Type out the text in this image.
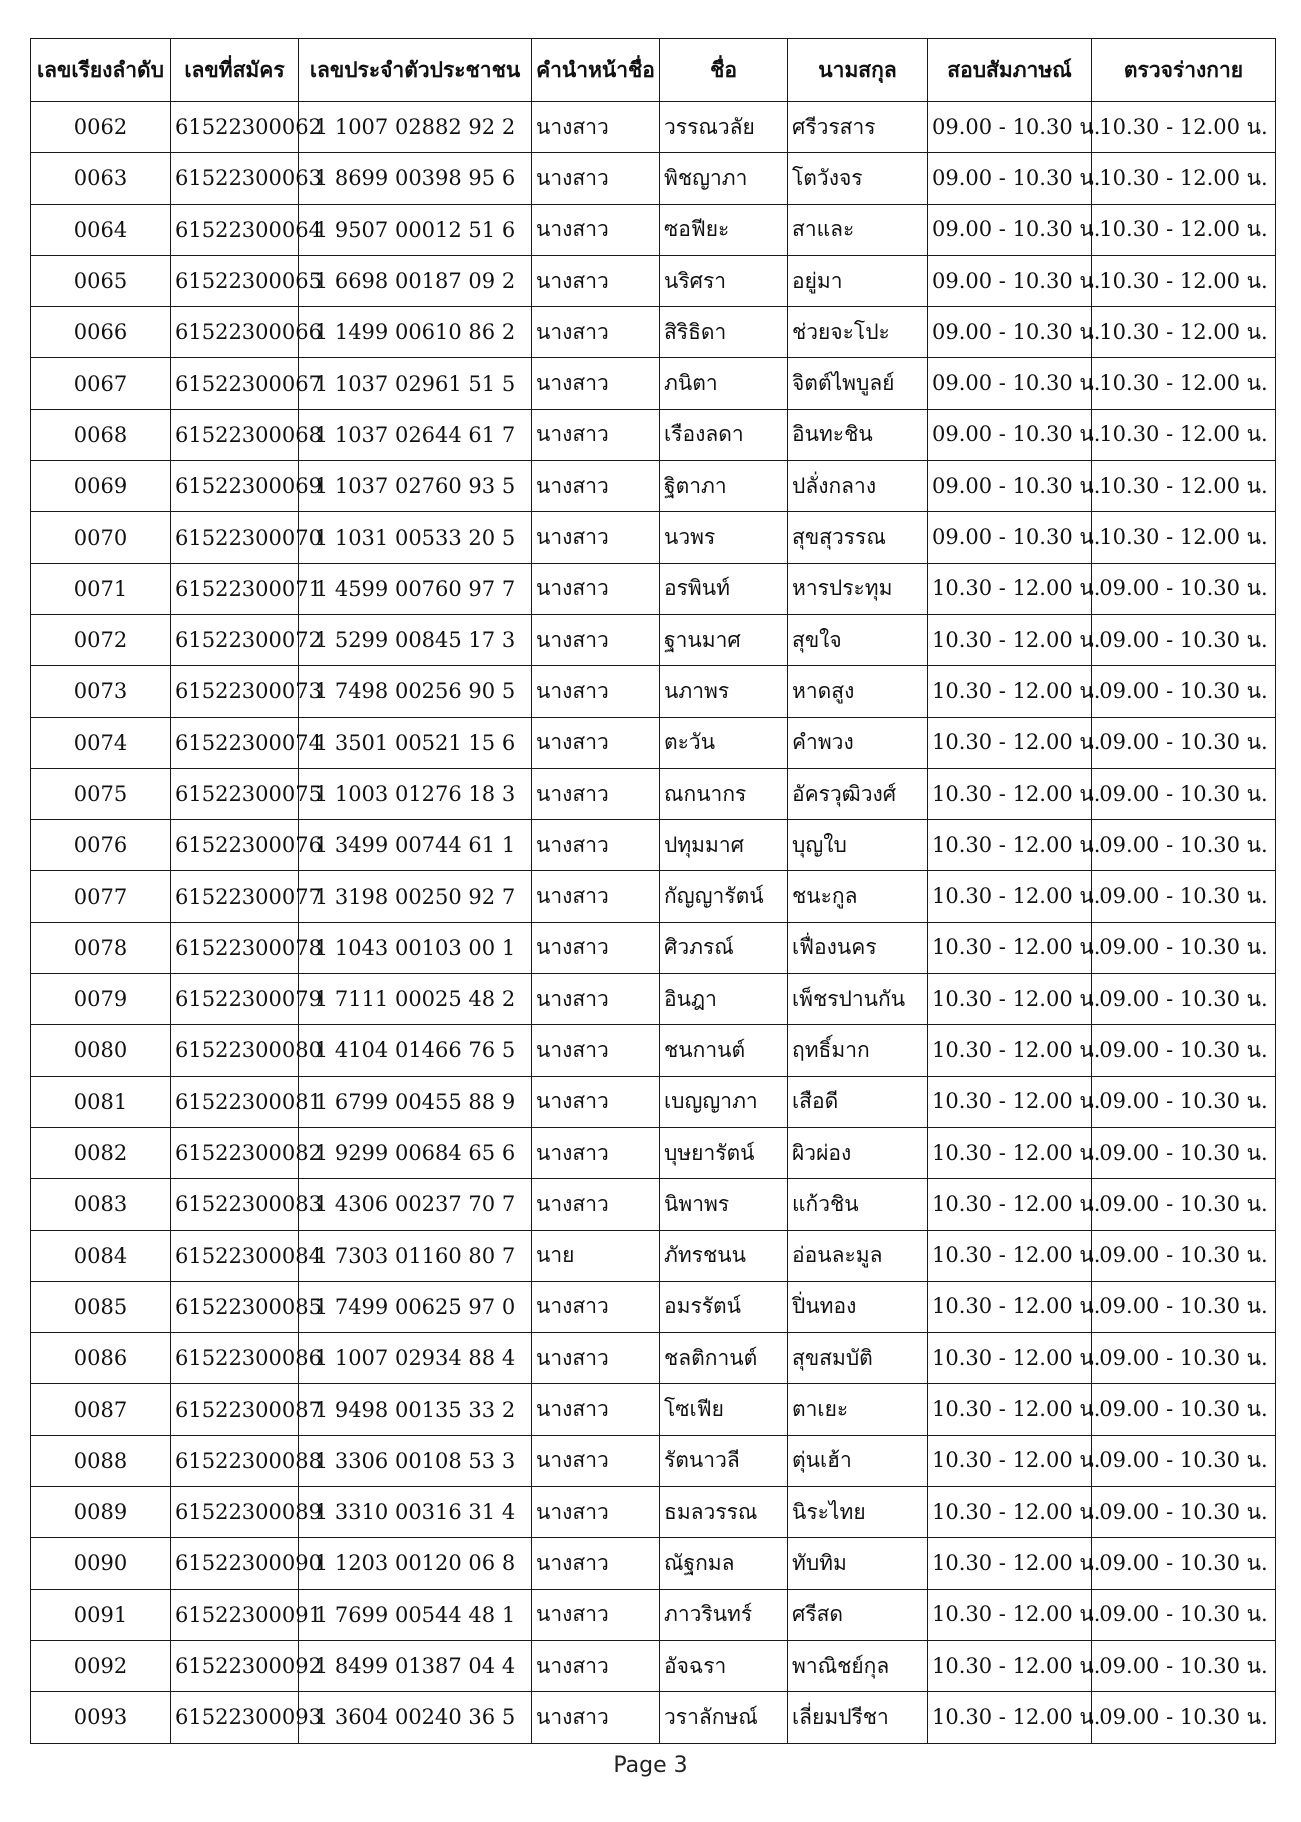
เลขเรียงลำดับ	เลขที่สมัคร	เลขประจำตัวประชาชน	คำนำหน้าชื่อ	ชื่อ	นามสกุล	สอบสัมภาษณ์	ตรวจร่างกาย
0062	61522300062	1 1007 02882 92 2	นางสาว	วรรณวลัย	ศรีวรสาร	09.00 - 10.30 น.	10.30 - 12.00 น.
0063	61522300063	1 8699 00398 95 6	นางสาว	พิชญาภา	โตวังจร	09.00 - 10.30 น.	10.30 - 12.00 น.
0064	61522300064	1 9507 00012 51 6	นางสาว	ซอฟียะ	สาและ	09.00 - 10.30 น.	10.30 - 12.00 น.
0065	61522300065	1 6698 00187 09 2	นางสาว	นริศรา	อยู่มา	09.00 - 10.30 น.	10.30 - 12.00 น.
0066	61522300066	1 1499 00610 86 2	นางสาว	สิริธิดา	ช่วยจะโปะ	09.00 - 10.30 น.	10.30 - 12.00 น.
0067	61522300067	1 1037 02961 51 5	นางสาว	ภนิตา	จิตต์ไพบูลย์	09.00 - 10.30 น.	10.30 - 12.00 น.
0068	61522300068	1 1037 02644 61 7	นางสาว	เรืองลดา	อินทะชิน	09.00 - 10.30 น.	10.30 - 12.00 น.
0069	61522300069	1 1037 02760 93 5	นางสาว	ฐิตาภา	ปลั่งกลาง	09.00 - 10.30 น.	10.30 - 12.00 น.
0070	61522300070	1 1031 00533 20 5	นางสาว	นวพร	สุขสุวรรณ	09.00 - 10.30 น.	10.30 - 12.00 น.
0071	61522300071	1 4599 00760 97 7	นางสาว	อรพินท์	หารประทุม	10.30 - 12.00 น.	09.00 - 10.30 น.
0072	61522300072	1 5299 00845 17 3	นางสาว	ฐานมาศ	สุขใจ	10.30 - 12.00 น.	09.00 - 10.30 น.
0073	61522300073	1 7498 00256 90 5	นางสาว	นภาพร	หาดสูง	10.30 - 12.00 น.	09.00 - 10.30 น.
0074	61522300074	1 3501 00521 15 6	นางสาว	ตะวัน	คำพวง	10.30 - 12.00 น.	09.00 - 10.30 น.
0075	61522300075	1 1003 01276 18 3	นางสาว	ณกนากร	อัครวุฒิวงศ์	10.30 - 12.00 น.	09.00 - 10.30 น.
0076	61522300076	1 3499 00744 61 1	นางสาว	ปทุมมาศ	บุญใบ	10.30 - 12.00 น.	09.00 - 10.30 น.
0077	61522300077	1 3198 00250 92 7	นางสาว	กัญญารัตน์	ชนะกูล	10.30 - 12.00 น.	09.00 - 10.30 น.
0078	61522300078	1 1043 00103 00 1	นางสาว	ศิวภรณ์	เฟื่องนคร	10.30 - 12.00 น.	09.00 - 10.30 น.
0079	61522300079	1 7111 00025 48 2	นางสาว	อินฎา	เพ็ชรปานกัน	10.30 - 12.00 น.	09.00 - 10.30 น.
0080	61522300080	1 4104 01466 76 5	นางสาว	ชนกานต์	ฤทธิ์มาก	10.30 - 12.00 น.	09.00 - 10.30 น.
0081	61522300081	1 6799 00455 88 9	นางสาว	เบญญาภา	เสือดี	10.30 - 12.00 น.	09.00 - 10.30 น.
0082	61522300082	1 9299 00684 65 6	นางสาว	บุษยารัตน์	ผิวผ่อง	10.30 - 12.00 น.	09.00 - 10.30 น.
0083	61522300083	1 4306 00237 70 7	นางสาว	นิพาพร	แก้วชิน	10.30 - 12.00 น.	09.00 - 10.30 น.
0084	61522300084	1 7303 01160 80 7	นาย	ภัทรชนน	อ่อนละมูล	10.30 - 12.00 น.	09.00 - 10.30 น.
0085	61522300085	1 7499 00625 97 0	นางสาว	อมรรัตน์	ปิ่นทอง	10.30 - 12.00 น.	09.00 - 10.30 น.
0086	61522300086	1 1007 02934 88 4	นางสาว	ชลติกานต์	สุขสมบัติ	10.30 - 12.00 น.	09.00 - 10.30 น.
0087	61522300087	1 9498 00135 33 2	นางสาว	โซเฟีย	ตาเยะ	10.30 - 12.00 น.	09.00 - 10.30 น.
0088	61522300088	1 3306 00108 53 3	นางสาว	รัตนาวลี	ตุ่นเฮ้า	10.30 - 12.00 น.	09.00 - 10.30 น.
0089	61522300089	1 3310 00316 31 4	นางสาว	ธมลวรรณ	นิระไทย	10.30 - 12.00 น.	09.00 - 10.30 น.
0090	61522300090	1 1203 00120 06 8	นางสาว	ณัฐกมล	ทับทิม	10.30 - 12.00 น.	09.00 - 10.30 น.
0091	61522300091	1 7699 00544 48 1	นางสาว	ภาวรินทร์	ศรีสด	10.30 - 12.00 น.	09.00 - 10.30 น.
0092	61522300092	1 8499 01387 04 4	นางสาว	อัจฉรา	พาณิชย์กุล	10.30 - 12.00 น.	09.00 - 10.30 น.
0093	61522300093	1 3604 00240 36 5	นางสาว	วราลักษณ์	เลี่ยมปรีชา	10.30 - 12.00 น.	09.00 - 10.30 น.
Page 3
